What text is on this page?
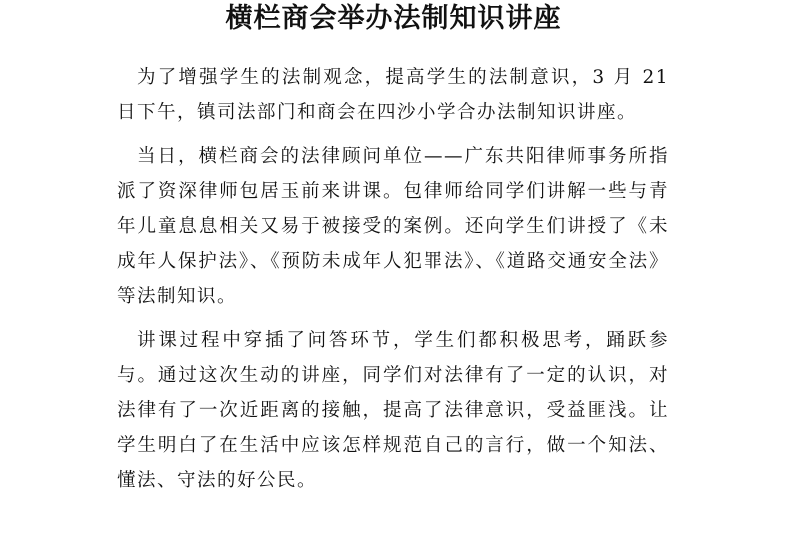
横栏商会举办法制知识讲座

为了增强学生的法制观念，提高学生的法制意识，3 月 21 日下午，镇司法部门和商会在四沙小学合办法制知识讲座。

当日，横栏商会的法律顾问单位——广东共阳律师事务所指派了资深律师包居玉前来讲课。包律师给同学们讲解一些与青年儿童息息相关又易于被接受的案例。还向学生们讲授了《未成年人保护法》、《预防未成年人犯罪法》、《道路交通安全法》等法制知识。

讲课过程中穿插了问答环节，学生们都积极思考，踊跃参与。通过这次生动的讲座，同学们对法律有了一定的认识，对法律有了一次近距离的接触，提高了法律意识，受益匪浅。让学生明白了在生活中应该怎样规范自己的言行，做一个知法、懂法、守法的好公民。
